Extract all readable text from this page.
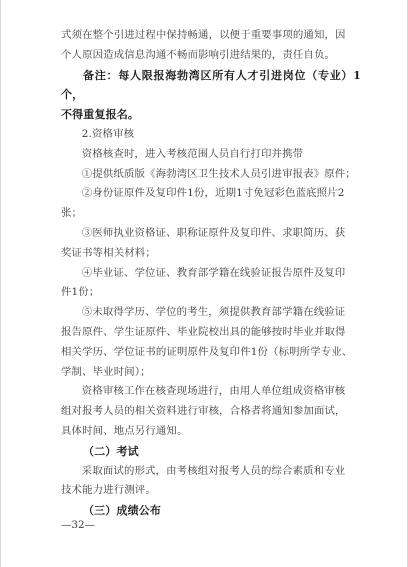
式须在整个引进过程中保持畅通，以便于重要事项的通知，因

个人原因造成信息沟通不畅而影响引进结果的，责任自负。

备注：每人限报海勃湾区所有人才引进岗位（专业）1个，

不得重复报名。

2.资格审核

资格核查时，进入考核范围人员自行打印并携带

①提供纸质版《海勃湾区卫生技术人员引进审报表》原件；

②身份证原件及复印件1份，近期1寸免冠彩色蓝底照片2

张；

③医师执业资格证、职称证原件及复印件、求职简历、获

奖证书等相关材料；

④毕业证、学位证、教育部学籍在线验证报告原件及复印

件1份；

⑤未取得学历、学位的考生，须提供教育部学籍在线验证

报告原件、学生证原件、毕业院校出具的能够按时毕业并取得

相关学历、学位证书的证明原件及复印件1份（标明所学专业、

学制、毕业时间）；

资格审核工作在核查现场进行，由用人单位组成资格审核

组对报考人员的相关资料进行审核，合格者将通知参加面试，

具体时间、地点另行通知。

（二）考试

采取面试的形式，由考核组对报考人员的综合素质和专业

技术能力进行测评。

（三）成绩公布

—32—
